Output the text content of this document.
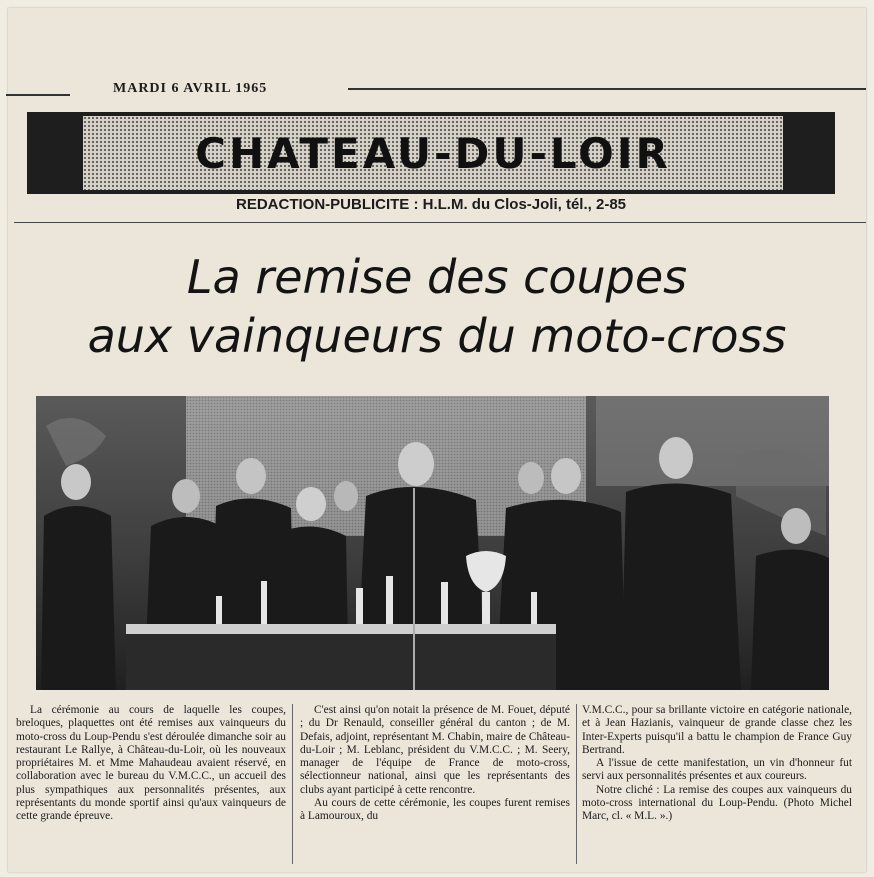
MARDI 6 AVRIL 1965
CHATEAU-DU-LOIR
REDACTION-PUBLICITE : H.L.M. du Clos-Joli, tél., 2-85
La remise des coupes
aux vainqueurs du moto-cross

La cérémonie au cours de laquelle les coupes, breloques, plaquettes ont été remises aux vainqueurs du moto-cross du Loup-Pendu s'est déroulée dimanche soir au restaurant Le Rallye, à Château-du-Loir, où les nouveaux propriétaires M. et Mme Mahaudeau avaient réservé, en collaboration avec le bureau du V.M.C.C., un accueil des plus sympathiques aux personnalités présentes, aux représentants du monde sportif ainsi qu'aux vainqueurs de cette grande épreuve.

C'est ainsi qu'on notait la présence de M. Fouet, député ; du Dr Renauld, conseiller général du canton ; de M. Defais, adjoint, représentant M. Chabin, maire de Château-du-Loir ; M. Leblanc, président du V.M.C.C. ; M. Seery, manager de l'équipe de France de moto-cross, sélectionneur national, ainsi que les représentants des clubs ayant participé à cette rencontre.

Au cours de cette cérémonie, les coupes furent remises à Lamouroux, du

V.M.C.C., pour sa brillante victoire en catégorie nationale, et à Jean Hazianis, vainqueur de grande classe chez les Inter-Experts puisqu'il a battu le champion de France Guy Bertrand.

A l'issue de cette manifestation, un vin d'honneur fut servi aux personnalités présentes et aux coureurs.

Notre cliché : La remise des coupes aux vainqueurs du moto-cross international du Loup-Pendu. (Photo Michel Marc, cl. « M.L. ».)
